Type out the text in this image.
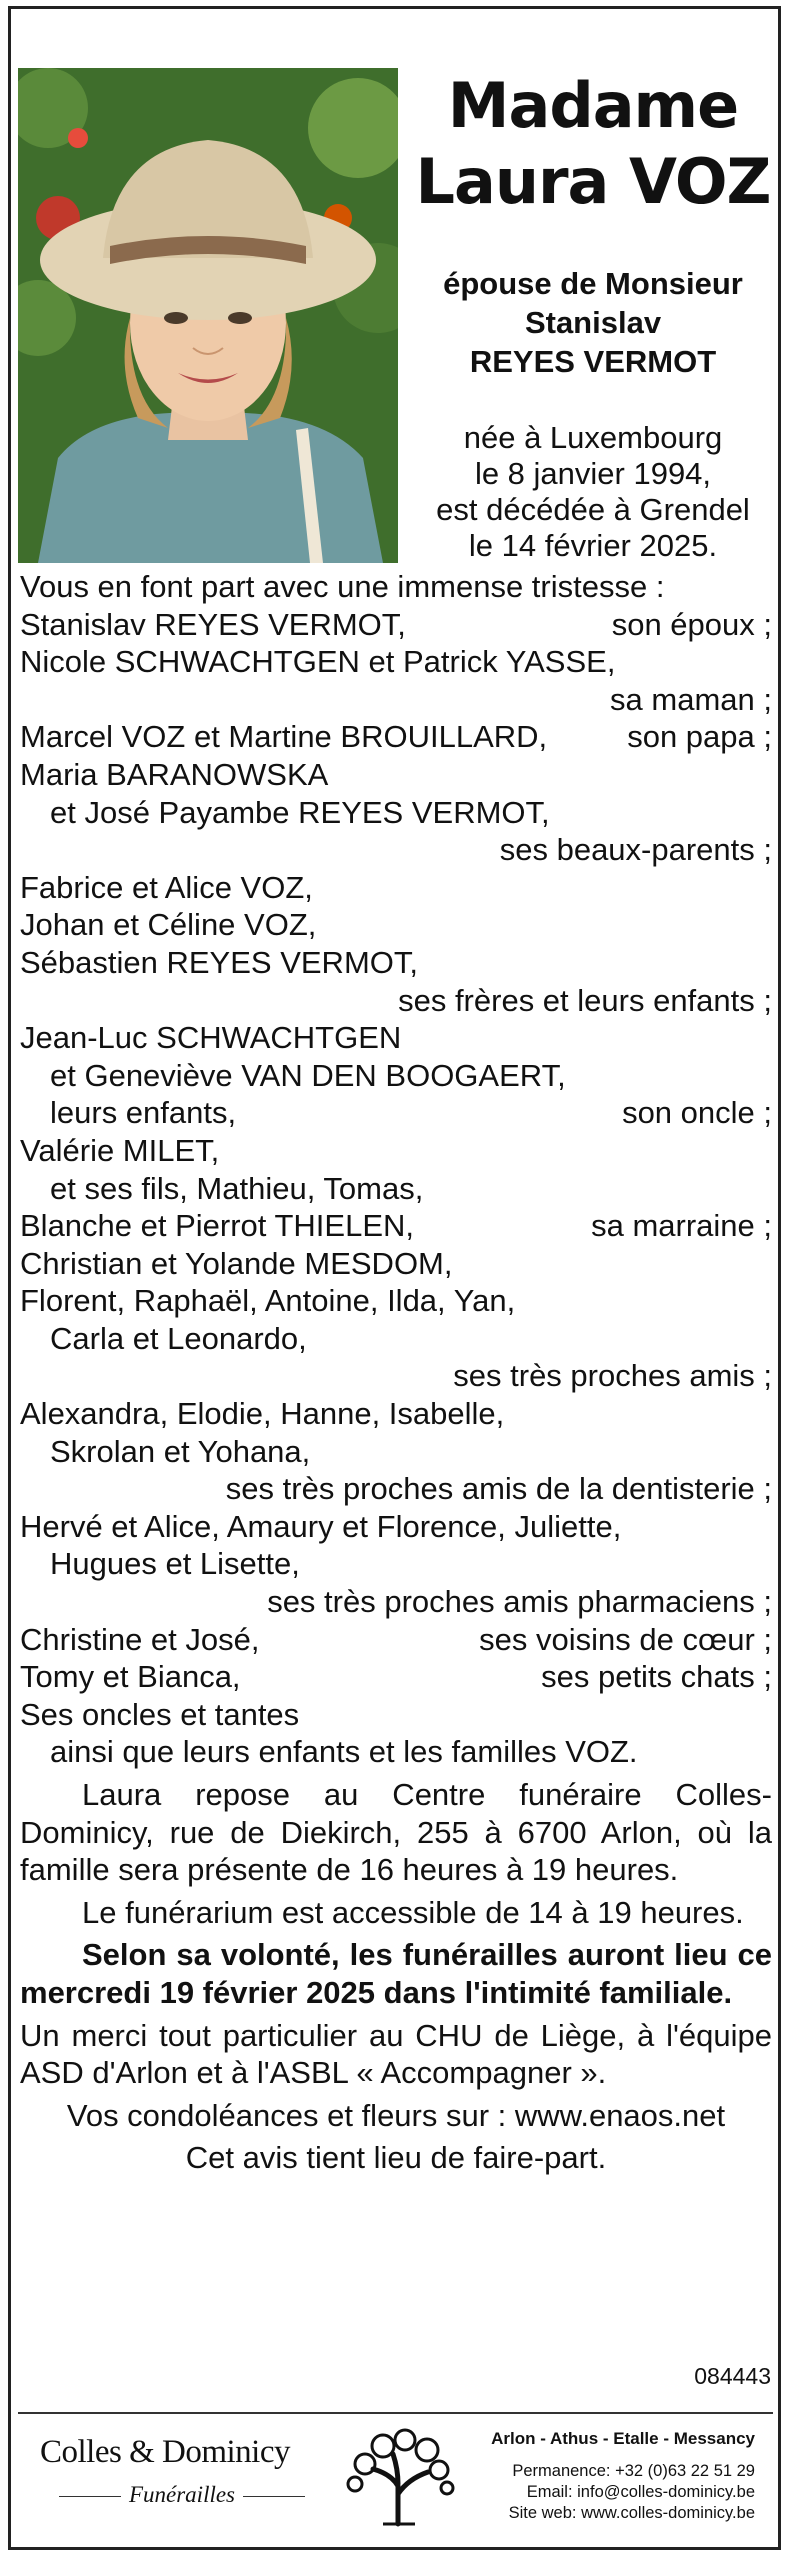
Madame
Laura VOZ
épouse de Monsieur
Stanislav
REYES VERMOT
née à Luxembourg
le 8 janvier 1994,
est décédée à Grendel
le 14 février 2025.
Vous en font part avec une immense tristesse :
Stanislav REYES VERMOT,	son époux ;
Nicole SCHWACHTGEN et Patrick YASSE,
sa maman ;
Marcel VOZ et Martine BROUILLARD,	son papa ;
Maria BARANOWSKA
et José Payambe REYES VERMOT,
ses beaux-parents ;
Fabrice et Alice VOZ,
Johan et Céline VOZ,
Sébastien REYES VERMOT,
ses frères et leurs enfants ;
Jean-Luc SCHWACHTGEN
et Geneviève VAN DEN BOOGAERT,
leurs enfants,	son oncle ;
Valérie MILET,
et ses fils, Mathieu, Tomas,
Blanche et Pierrot THIELEN,	sa marraine ;
Christian et Yolande MESDOM,
Florent, Raphaël, Antoine, Ilda, Yan,
Carla et Leonardo,
ses très proches amis ;
Alexandra, Elodie, Hanne, Isabelle,
Skrolan et Yohana,
ses très proches amis de la dentisterie ;
Hervé et Alice, Amaury et Florence, Juliette,
Hugues et Lisette,
ses très proches amis pharmaciens ;
Christine et José,	ses voisins de cœur ;
Tomy et Bianca,	ses petits chats ;
Ses oncles et tantes
ainsi que leurs enfants et les familles VOZ.
Laura repose au Centre funéraire Colles-Dominicy, rue de Diekirch, 255 à 6700 Arlon, où la famille sera présente de 16 heures à 19 heures.
Le funérarium est accessible de 14 à 19 heures.
Selon sa volonté, les funérailles auront lieu ce mercredi 19 février 2025 dans l'intimité familiale.
Un merci tout particulier au CHU de Liège, à l'équipe ASD d'Arlon et à l'ASBL « Accompagner ».
Vos condoléances et fleurs sur : www.enaos.net
Cet avis tient lieu de faire-part.
084443
Colles & Dominicy
Funérailles
Arlon - Athus - Etalle - Messancy
Permanence: +32 (0)63 22 51 29
Email: info@colles-dominicy.be
Site web: www.colles-dominicy.be
